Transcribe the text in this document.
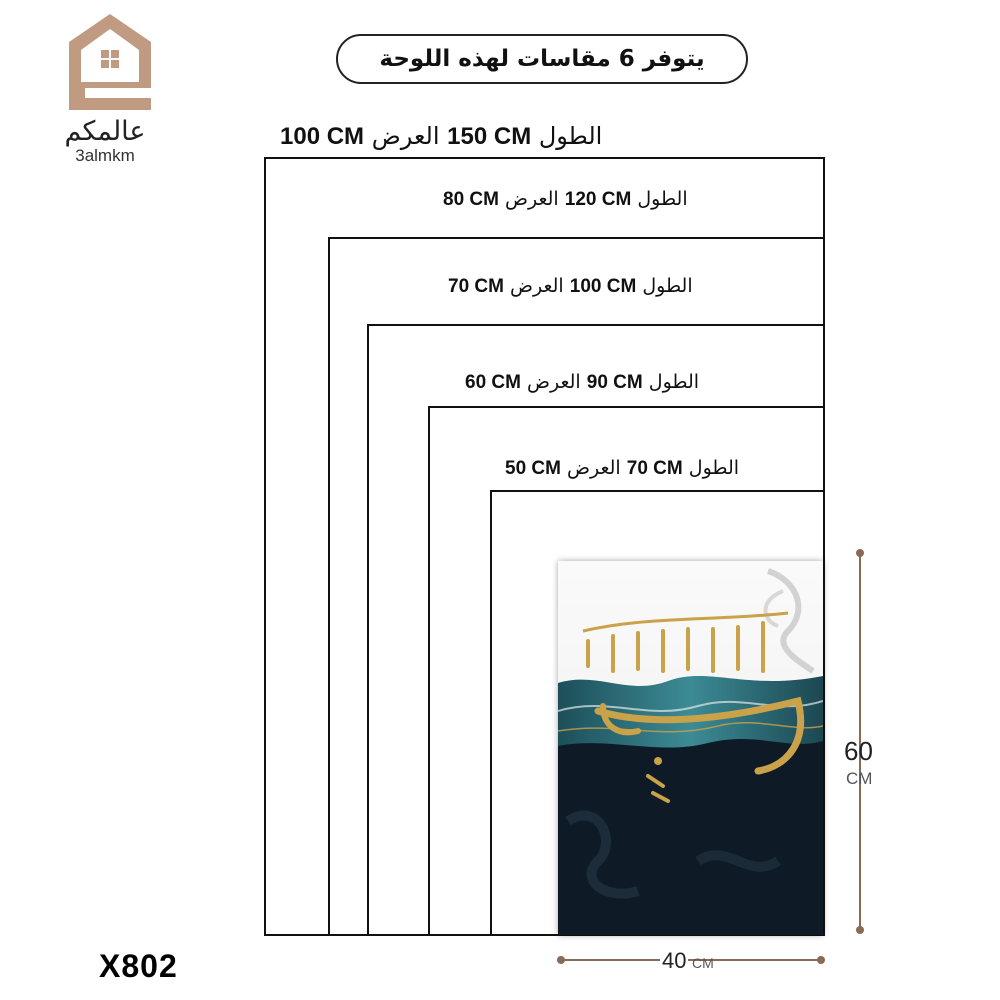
عالمكم
3almkm
يتوفر 6 مقاسات لهذه اللوحة
الطول 150 CM العرض 100 CM
الطول 120 CM العرض 80 CM
الطول 100 CM العرض 70 CM
الطول 90 CM العرض 60 CM
الطول 70 CM العرض 50 CM
60
CM
40 CM
X802
